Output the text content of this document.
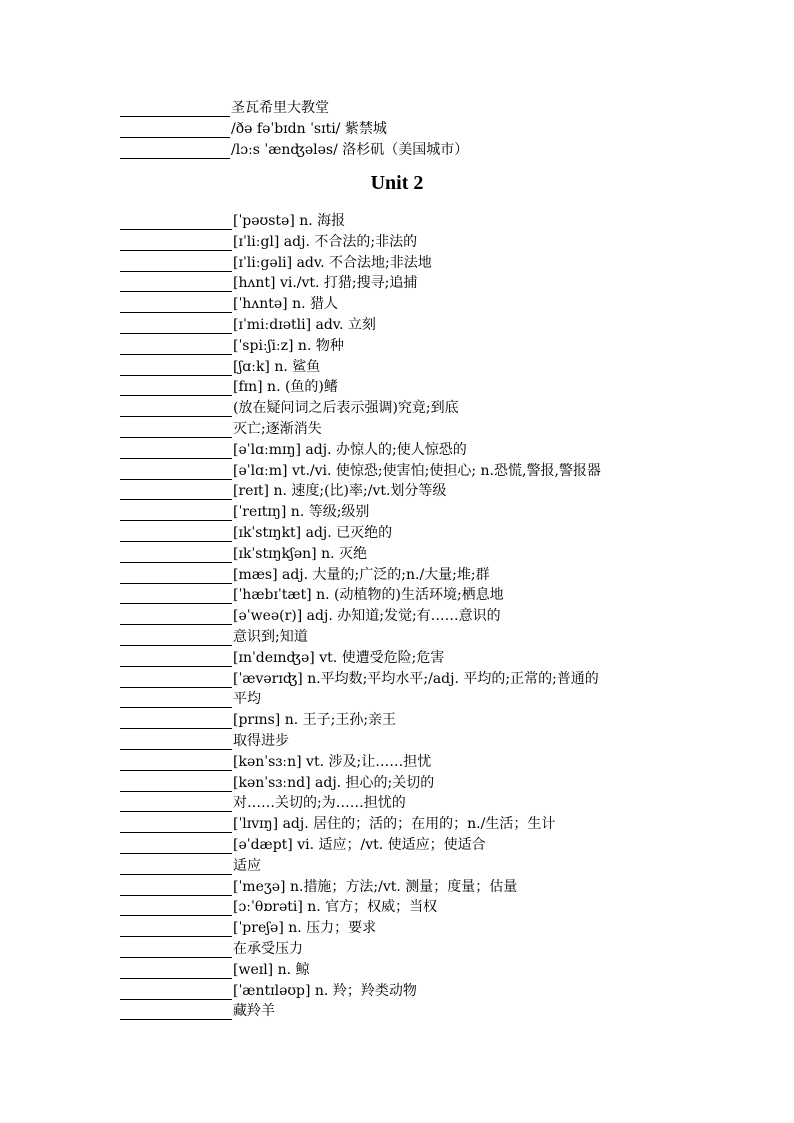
圣瓦希里大教堂
/ðə fəˈbɪdn ˈsɪti/ 紫禁城
/lɔːs ˈænʤələs/ 洛杉矶（美国城市）
Unit 2
[ˈpəʊstə] n. 海报
[ɪˈliːgl] adj. 不合法的;非法的
[ɪˈliːgəli] adv. 不合法地;非法地
[hʌnt] vi./vt. 打猎;搜寻;追捕
[ˈhʌntə] n. 猎人
[ɪˈmiːdɪətli] adv. 立刻
[ˈspiːʃiːz] n. 物种
[ʃɑːk] n. 鲨鱼
[fɪn] n. (鱼的)鳍
(放在疑问词之后表示强调)究竟;到底
灭亡;逐渐消失
[əˈlɑːmɪŋ] adj. 办惊人的;使人惊恐的
[əˈlɑːm] vt./vi. 使惊恐;使害怕;使担心; n.恐慌,警报,警报器
[reɪt] n. 速度;(比)率;/vt.划分等级
[ˈreɪtɪŋ] n. 等级;级别
[ɪkˈstɪŋkt] adj. 已灭绝的
[ɪkˈstɪŋkʃən] n. 灭绝
[mæs] adj. 大量的;广泛的;n./大量;堆;群
[ˈhæbɪˈtæt] n. (动植物的)生活环境;栖息地
[əˈweə(r)] adj. 办知道;发觉;有……意识的
意识到;知道
[ɪnˈdeɪnʤə] vt. 使遭受危险;危害
[ˈævərɪʤ] n.平均数;平均水平;/adj. 平均的;正常的;普通的
平均
[prɪns] n. 王子;王孙;亲王
取得进步
[kənˈsɜːn] vt. 涉及;让……担忧
[kənˈsɜːnd] adj. 担心的;关切的
对……关切的;为……担忧的
[ˈlɪvɪŋ] adj. 居住的；活的；在用的；n./生活；生计
[əˈdæpt] vi. 适应；/vt. 使适应；使适合
适应
[ˈmeʒə] n.措施；方法;/vt. 测量；度量；估量
[ɔːˈθɒrəti] n. 官方；权威；当权
[ˈpreʃə] n. 压力；要求
在承受压力
[weɪl] n. 鲸
[ˈæntɪləʊp] n. 羚；羚类动物
藏羚羊
